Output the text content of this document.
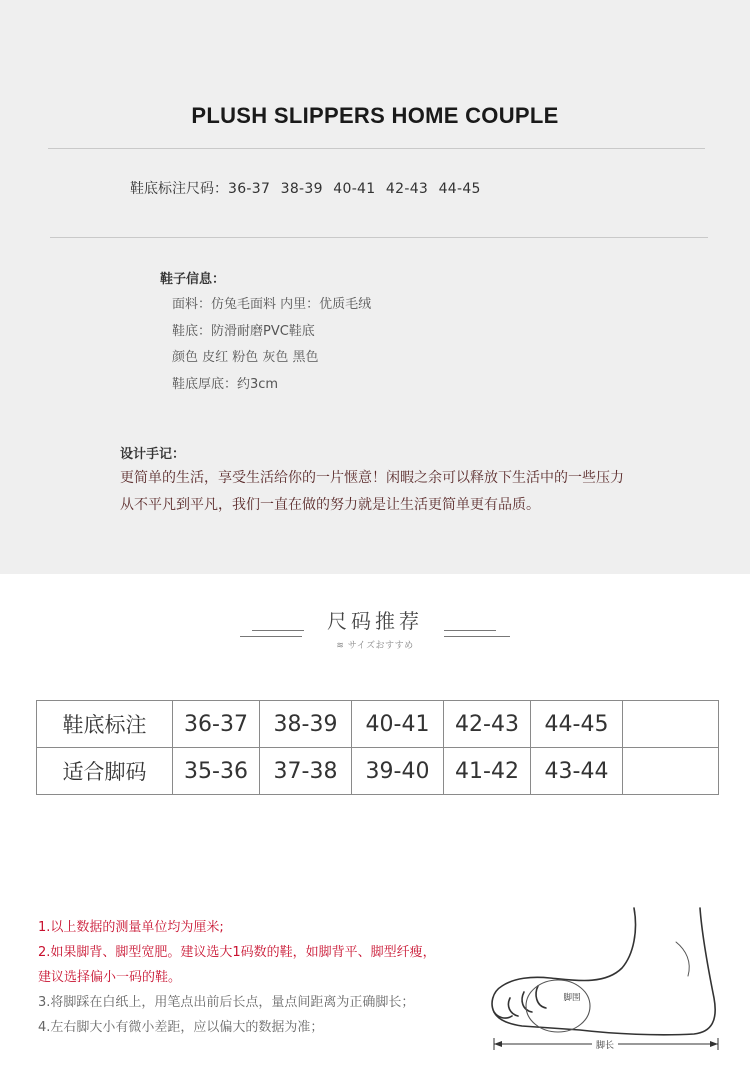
PLUSH SLIPPERS HOME COUPLE
鞋底标注尺码：36-37 38-39 40-41 42-43 44-45
鞋子信息：
面料：仿兔毛面料 内里：优质毛绒
鞋底：防滑耐磨PVC鞋底
颜色 皮红 粉色 灰色 黑色
鞋底厚底：约3cm
设计手记：
更简单的生活，享受生活给你的一片惬意！闲暇之余可以释放下生活中的一些压力
从不平凡到平凡，我们一直在做的努力就是让生活更简单更有品质。
尺码推荐
≋ サイズおすすめ
鞋底标注	36-37	38-39	40-41	42-43	44-45	
适合脚码	35-36	37-38	39-40	41-42	43-44	
1.以上数据的测量单位均为厘米;
2.如果脚背、脚型宽肥。建议选大1码数的鞋，如脚背平、脚型纤瘦，
建议选择偏小一码的鞋。
3.将脚踩在白纸上，用笔点出前后长点，量点间距离为正确脚长；
4.左右脚大小有微小差距，应以偏大的数据为准；
脚长
脚围
